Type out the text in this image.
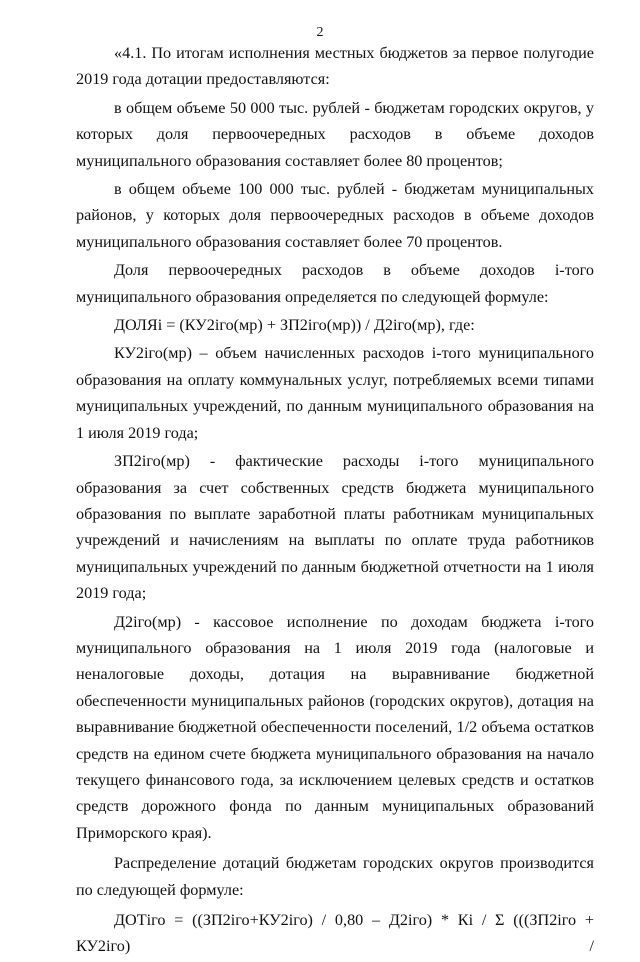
2

«4.1. По итогам исполнения местных бюджетов за первое полугодие 2019 года дотации предоставляются:

в общем объеме 50 000 тыс. рублей - бюджетам городских округов, у которых доля первоочередных расходов в объеме доходов муниципального образования составляет более 80 процентов;

в общем объеме 100 000 тыс. рублей - бюджетам муниципальных районов, у которых доля первоочередных расходов в объеме доходов муниципального образования составляет более 70 процентов.

Доля первоочередных расходов в объеме доходов i-того муниципального образования определяется по следующей формуле:

ДОЛЯi = (КУ2iго(мр) + ЗП2iго(мр)) / Д2iго(мр), где:

КУ2iго(мр) – объем начисленных расходов i-того муниципального образования на оплату коммунальных услуг, потребляемых всеми типами муниципальных учреждений, по данным муниципального образования на 1 июля 2019 года;

ЗП2iго(мр) - фактические расходы i-того муниципального образования за счет собственных средств бюджета муниципального образования по выплате заработной платы работникам муниципальных учреждений и начислениям на выплаты по оплате труда работников муниципальных учреждений по данным бюджетной отчетности на 1 июля 2019 года;

Д2iго(мр) - кассовое исполнение по доходам бюджета i-того муниципального образования на 1 июля 2019 года (налоговые и неналоговые доходы, дотация на выравнивание бюджетной обеспеченности муниципальных районов (городских округов), дотация на выравнивание бюджетной обеспеченности поселений, 1/2 объема остатков средств на едином счете бюджета муниципального образования на начало текущего финансового года, за исключением целевых средств и остатков средств дорожного фонда по данным муниципальных образований Приморского края).

Распределение дотаций бюджетам городских округов производится по следующей формуле:

ДОТiго = ((ЗП2iго+КУ2iго) / 0,80 – Д2iго) * Кi / Σ (((ЗП2iго + КУ2iго) /
